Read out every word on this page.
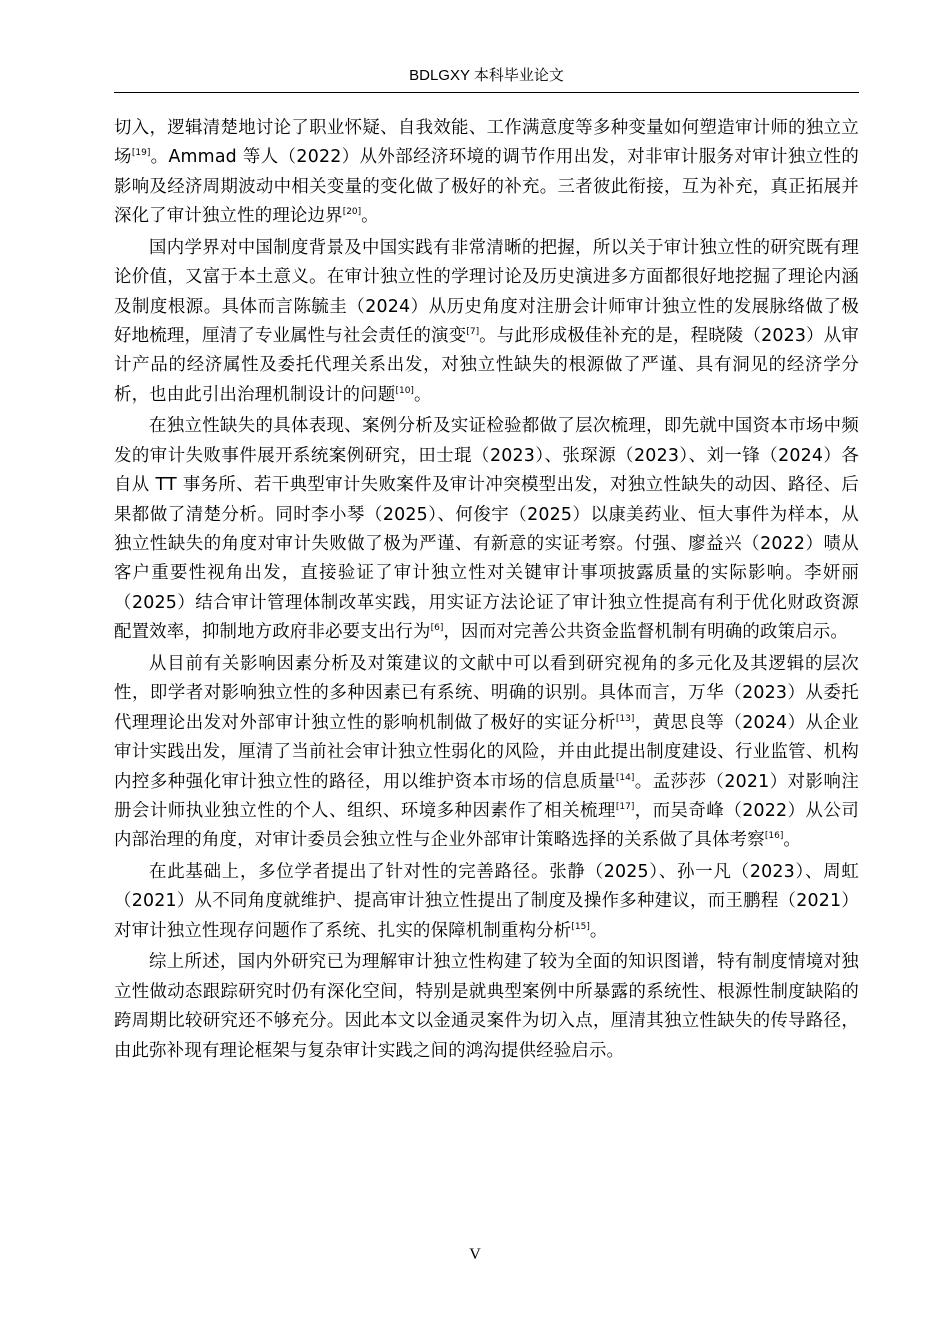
BDLGXY 本科毕业论文

切入，逻辑清楚地讨论了职业怀疑、自我效能、工作满意度等多种变量如何塑造审计师的独立立场[19]。Ammad 等人（2022）从外部经济环境的调节作用出发，对非审计服务对审计独立性的影响及经济周期波动中相关变量的变化做了极好的补充。三者彼此衔接，互为补充，真正拓展并深化了审计独立性的理论边界[20]。

国内学界对中国制度背景及中国实践有非常清晰的把握，所以关于审计独立性的研究既有理论价值，又富于本土意义。在审计独立性的学理讨论及历史演进多方面都很好地挖掘了理论内涵及制度根源。具体而言陈毓圭（2024）从历史角度对注册会计师审计独立性的发展脉络做了极好地梳理，厘清了专业属性与社会责任的演变[7]。与此形成极佳补充的是，程晓陵（2023）从审计产品的经济属性及委托代理关系出发，对独立性缺失的根源做了严谨、具有洞见的经济学分析，也由此引出治理机制设计的问题[10]。

在独立性缺失的具体表现、案例分析及实证检验都做了层次梳理，即先就中国资本市场中频发的审计失败事件展开系统案例研究，田士琨（2023）、张琛源（2023）、刘一锋（2024）各自从 TT 事务所、若干典型审计失败案件及审计冲突模型出发，对独立性缺失的动因、路径、后果都做了清楚分析。同时李小琴（2025）、何俊宇（2025）以康美药业、恒大事件为样本，从独立性缺失的角度对审计失败做了极为严谨、有新意的实证考察。付强、廖益兴（2022）啧从客户重要性视角出发，直接验证了审计独立性对关键审计事项披露质量的实际影响。李妍丽（2025）结合审计管理体制改革实践，用实证方法论证了审计独立性提高有利于优化财政资源配置效率，抑制地方政府非必要支出行为[6]，因而对完善公共资金监督机制有明确的政策启示。

从目前有关影响因素分析及对策建议的文献中可以看到研究视角的多元化及其逻辑的层次性，即学者对影响独立性的多种因素已有系统、明确的识别。具体而言，万华（2023）从委托代理理论出发对外部审计独立性的影响机制做了极好的实证分析[13]，黄思良等（2024）从企业审计实践出发，厘清了当前社会审计独立性弱化的风险，并由此提出制度建设、行业监管、机构内控多种强化审计独立性的路径，用以维护资本市场的信息质量[14]。孟莎莎（2021）对影响注册会计师执业独立性的个人、组织、环境多种因素作了相关梳理[17]，而吴奇峰（2022）从公司内部治理的角度，对审计委员会独立性与企业外部审计策略选择的关系做了具体考察[16]。

在此基础上，多位学者提出了针对性的完善路径。张静（2025）、孙一凡（2023）、周虹（2021）从不同角度就维护、提高审计独立性提出了制度及操作多种建议，而王鹏程（2021）对审计独立性现存问题作了系统、扎实的保障机制重构分析[15]。

综上所述，国内外研究已为理解审计独立性构建了较为全面的知识图谱，特有制度情境对独立性做动态跟踪研究时仍有深化空间，特别是就典型案例中所暴露的系统性、根源性制度缺陷的跨周期比较研究还不够充分。因此本文以金通灵案件为切入点，厘清其独立性缺失的传导路径，由此弥补现有理论框架与复杂审计实践之间的鸿沟提供经验启示。

V
